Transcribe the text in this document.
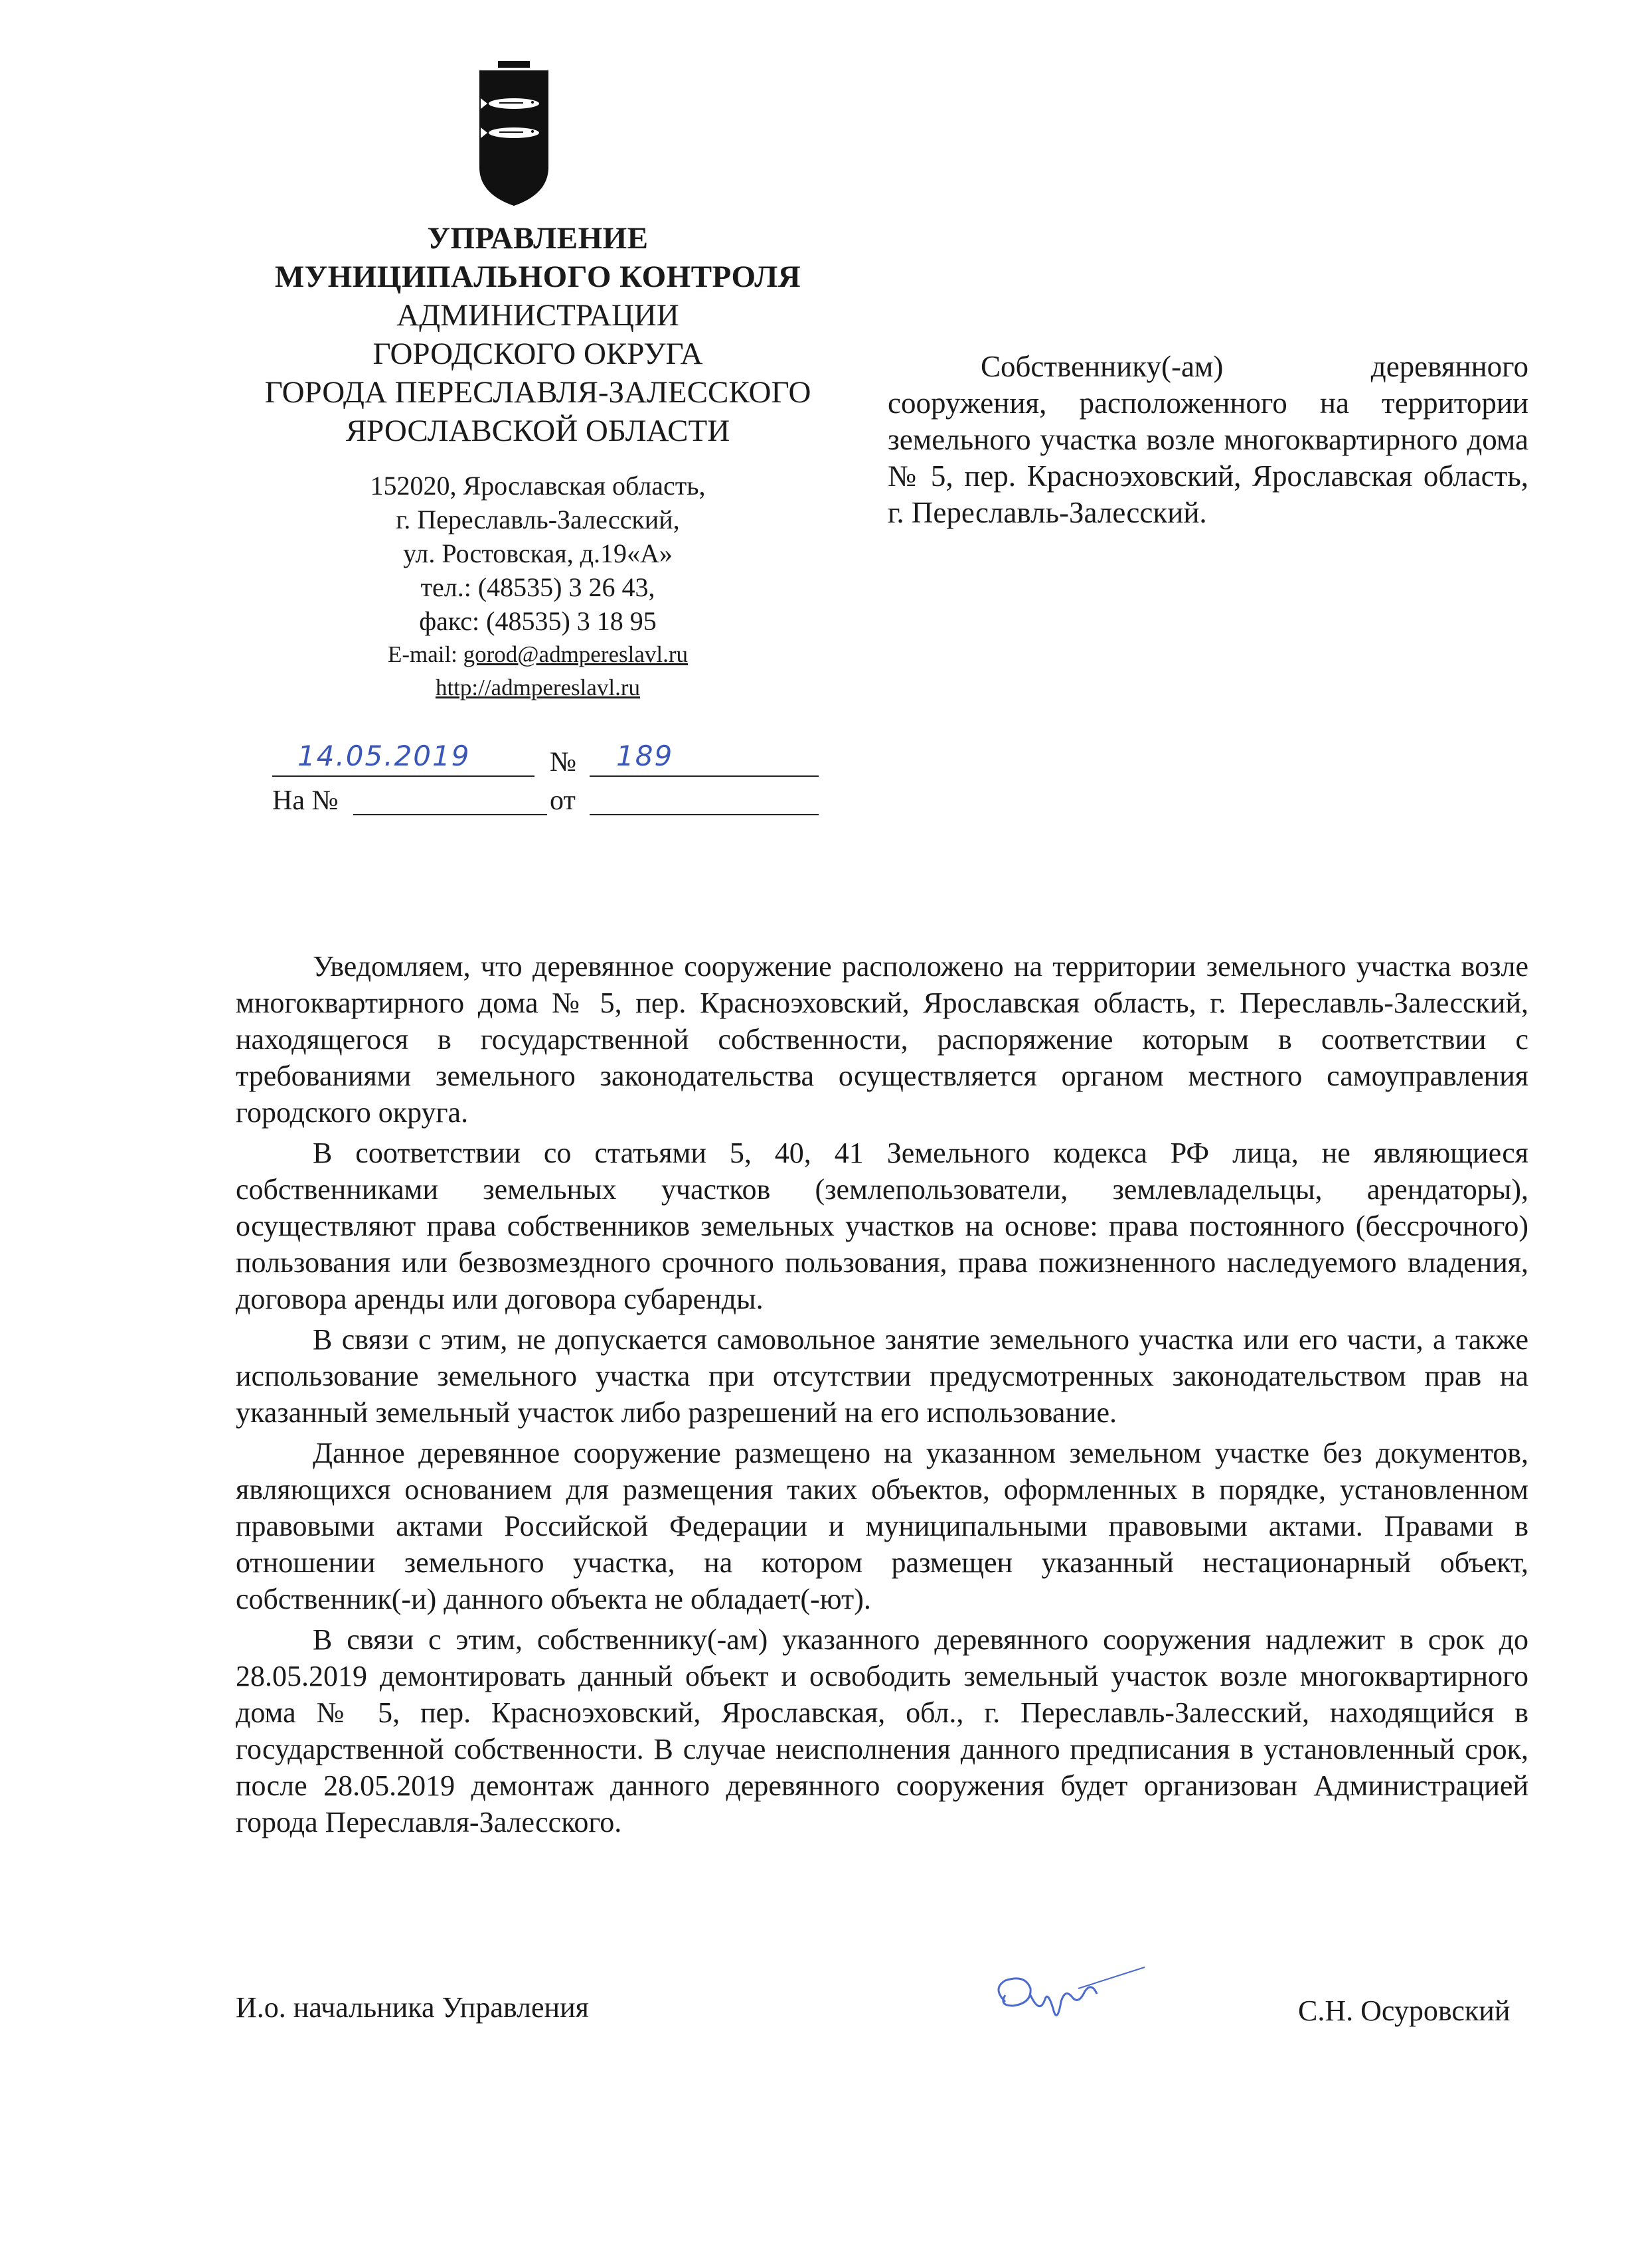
УПРАВЛЕНИЕ
МУНИЦИПАЛЬНОГО КОНТРОЛЯ
АДМИНИСТРАЦИИ
ГОРОДСКОГО ОКРУГА
ГОРОДА ПЕРЕСЛАВЛЯ-ЗАЛЕССКОГО
ЯРОСЛАВСКОЙ ОБЛАСТИ
152020, Ярославская область,
г. Переславль-Залесский,
ул. Ростовская, д.19«А»
тел.: (48535) 3 26 43,
факс: (48535) 3 18 95
E-mail: gorod@admpereslavl.ru
http://admpereslavl.ru
14.05.2019	№ 189
На №	от
Собственнику(-ам) деревянного сооружения, расположенного на территории земельного участка возле многоквартирного дома № 5, пер. Красноэховский, Ярославская область, г. Переславль-Залесский.

Уведомляем, что деревянное сооружение расположено на территории земельного участка возле многоквартирного дома № 5, пер. Красноэховский, Ярославская область, г. Переславль-Залесский, находящегося в государственной собственности, распоряжение которым в соответствии с требованиями земельного законодательства осуществляется органом местного самоуправления городского округа.

В соответствии со статьями 5, 40, 41 Земельного кодекса РФ лица, не являющиеся собственниками земельных участков (землепользователи, землевладельцы, арендаторы), осуществляют права собственников земельных участков на основе: права постоянного (бессрочного) пользования или безвозмездного срочного пользования, права пожизненного наследуемого владения, договора аренды или договора субаренды.

В связи с этим, не допускается самовольное занятие земельного участка или его части, а также использование земельного участка при отсутствии предусмотренных законодательством прав на указанный земельный участок либо разрешений на его использование.

Данное деревянное сооружение размещено на указанном земельном участке без документов, являющихся основанием для размещения таких объектов, оформленных в порядке, установленном правовыми актами Российской Федерации и муниципальными правовыми актами. Правами в отношении земельного участка, на котором размещен указанный нестационарный объект, собственник(-и) данного объекта не обладает(-ют).

В связи с этим, собственнику(-ам) указанного деревянного сооружения надлежит в срок до 28.05.2019 демонтировать данный объект и освободить земельный участок возле многоквартирного дома № 5, пер. Красноэховский, Ярославская, обл., г. Переславль-Залесский, находящийся в государственной собственности. В случае неисполнения данного предписания в установленный срок, после 28.05.2019 демонтаж данного деревянного сооружения будет организован Администрацией города Переславля-Залесского.

И.о. начальника Управления	С.Н. Осуровский
